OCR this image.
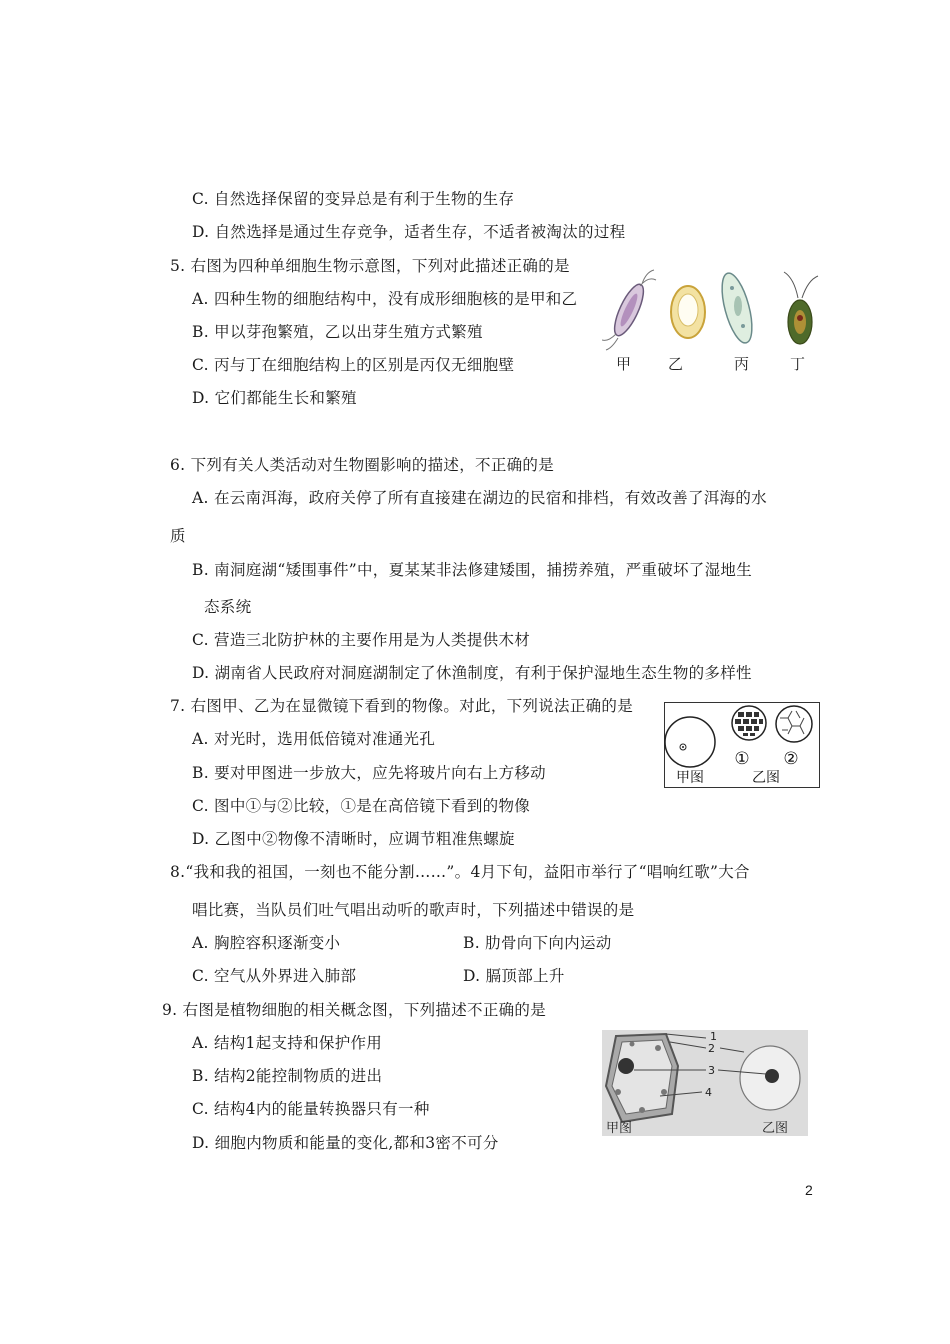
C. 自然选择保留的变异总是有利于生物的生存
D. 自然选择是通过生存竞争，适者生存，不适者被淘汰的过程
5. 右图为四种单细胞生物示意图，下列对此描述正确的是
A. 四种生物的细胞结构中，没有成形细胞核的是甲和乙
B. 甲以芽孢繁殖，乙以出芽生殖方式繁殖
C. 丙与丁在细胞结构上的区别是丙仅无细胞壁
D. 它们都能生长和繁殖
甲 乙	丙	丁
6. 下列有关人类活动对生物圈影响的描述，不正确的是
A. 在云南洱海，政府关停了所有直接建在湖边的民宿和排档，有效改善了洱海的水
质
B. 南洞庭湖“矮围事件”中，夏某某非法修建矮围，捕捞养殖，严重破坏了湿地生
态系统
C. 营造三北防护林的主要作用是为人类提供木材
D. 湖南省人民政府对洞庭湖制定了休渔制度，有利于保护湿地生态生物的多样性
7. 右图甲、乙为在显微镜下看到的物像。对此，下列说法正确的是
A. 对光时，选用低倍镜对准通光孔
B. 要对甲图进一步放大，应先将玻片向右上方移动
C. 图中①与②比较，①是在高倍镜下看到的物像
D. 乙图中②物像不清晰时，应调节粗准焦螺旋
① ②
甲图	乙图
8.“我和我的祖国，一刻也不能分割……”。4月下旬，益阳市举行了“唱响红歌”大合
唱比赛，当队员们吐气唱出动听的歌声时，下列描述中错误的是
A. 胸腔容积逐渐变小	B. 肋骨向下向内运动
C. 空气从外界进入肺部	D. 膈顶部上升
9. 右图是植物细胞的相关概念图，下列描述不正确的是
A. 结构1起支持和保护作用
B. 结构2能控制物质的进出
C. 结构4内的能量转换器只有一种
D. 细胞内物质和能量的变化,都和3密不可分
1
2
3
4
甲图	乙图
2
